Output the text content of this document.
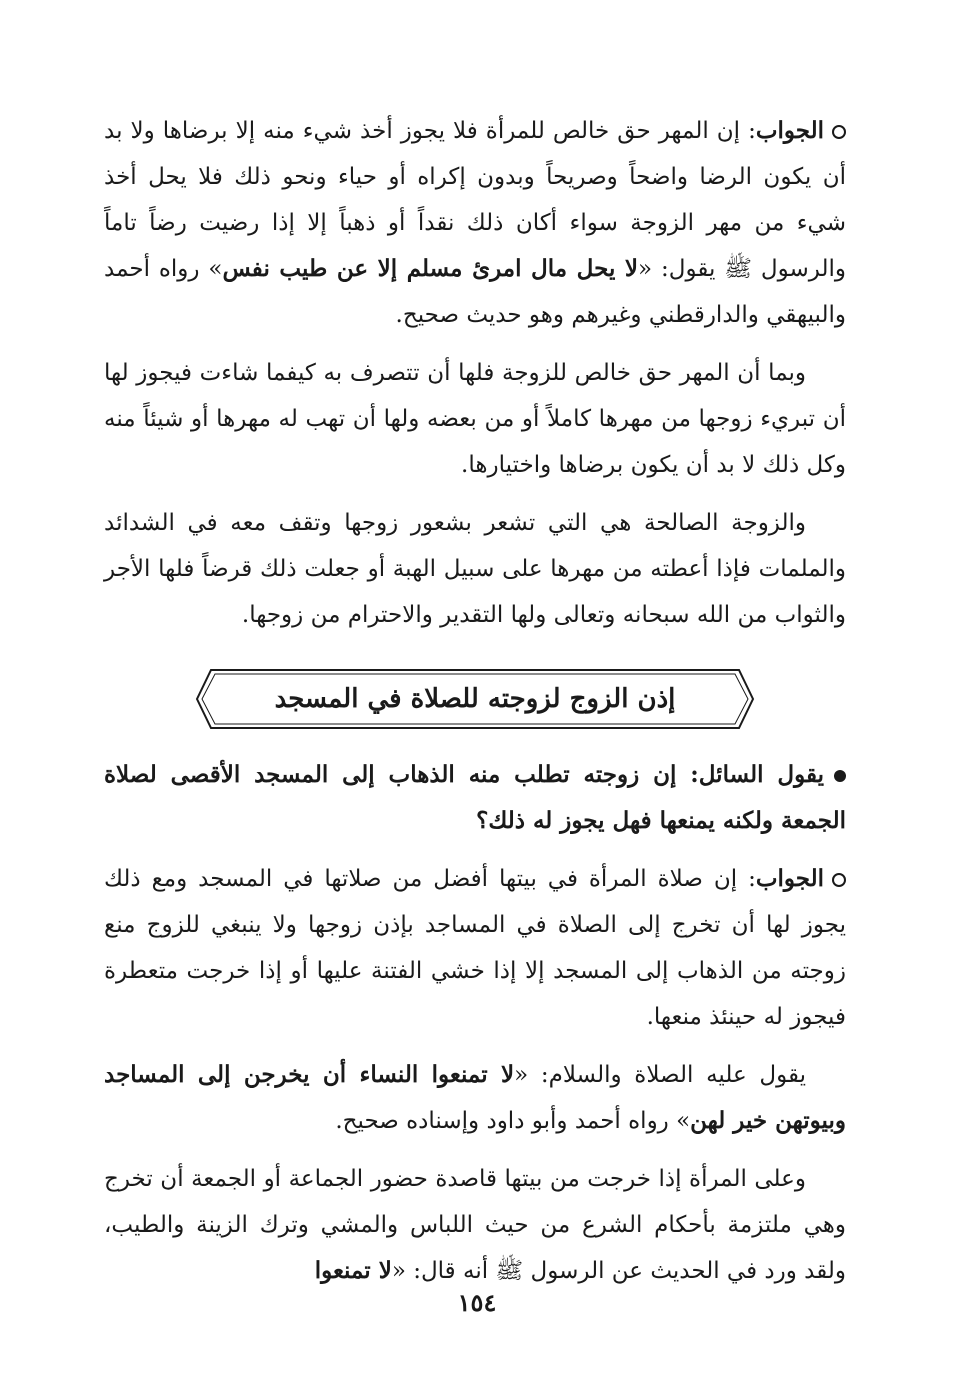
الجواب: إن المهر حق خالص للمرأة فلا يجوز أخذ شيء منه إلا برضاها ولا بد أن يكون الرضا واضحاً وصريحاً وبدون إكراه أو حياء ونحو ذلك فلا يحل أخذ شيء من مهر الزوجة سواء أكان ذلك نقداً أو ذهباً إلا إذا رضيت رضاً تاماً والرسول ﷺ يقول: «لا يحل مال امرئ مسلم إلا عن طيب نفس» رواه أحمد والبيهقي والدارقطني وغيرهم وهو حديث صحيح.

وبما أن المهر حق خالص للزوجة فلها أن تتصرف به كيفما شاءت فيجوز لها أن تبريء زوجها من مهرها كاملاً أو من بعضه ولها أن تهب له مهرها أو شيئاً منه وكل ذلك لا بد أن يكون برضاها واختيارها.

والزوجة الصالحة هي التي تشعر بشعور زوجها وتقف معه في الشدائد والملمات فإذا أعطته من مهرها على سبيل الهبة أو جعلت ذلك قرضاً فلها الأجر والثواب من الله سبحانه وتعالى ولها التقدير والاحترام من زوجها.

إذن الزوج لزوجته للصلاة في المسجد

يقول السائل: إن زوجته تطلب منه الذهاب إلى المسجد الأقصى لصلاة الجمعة ولكنه يمنعها فهل يجوز له ذلك؟

الجواب: إن صلاة المرأة في بيتها أفضل من صلاتها في المسجد ومع ذلك يجوز لها أن تخرج إلى الصلاة في المساجد بإذن زوجها ولا ينبغي للزوج منع زوجته من الذهاب إلى المسجد إلا إذا خشي الفتنة عليها أو إذا خرجت متعطرة فيجوز له حينئذ منعها.

يقول عليه الصلاة والسلام: «لا تمنعوا النساء أن يخرجن إلى المساجد وبيوتهن خير لهن» رواه أحمد وأبو داود وإسناده صحيح.

وعلى المرأة إذا خرجت من بيتها قاصدة حضور الجماعة أو الجمعة أن تخرج وهي ملتزمة بأحكام الشرع من حيث اللباس والمشي وترك الزينة والطيب، ولقد ورد في الحديث عن الرسول ﷺ أنه قال: «لا تمنعوا

١٥٤
